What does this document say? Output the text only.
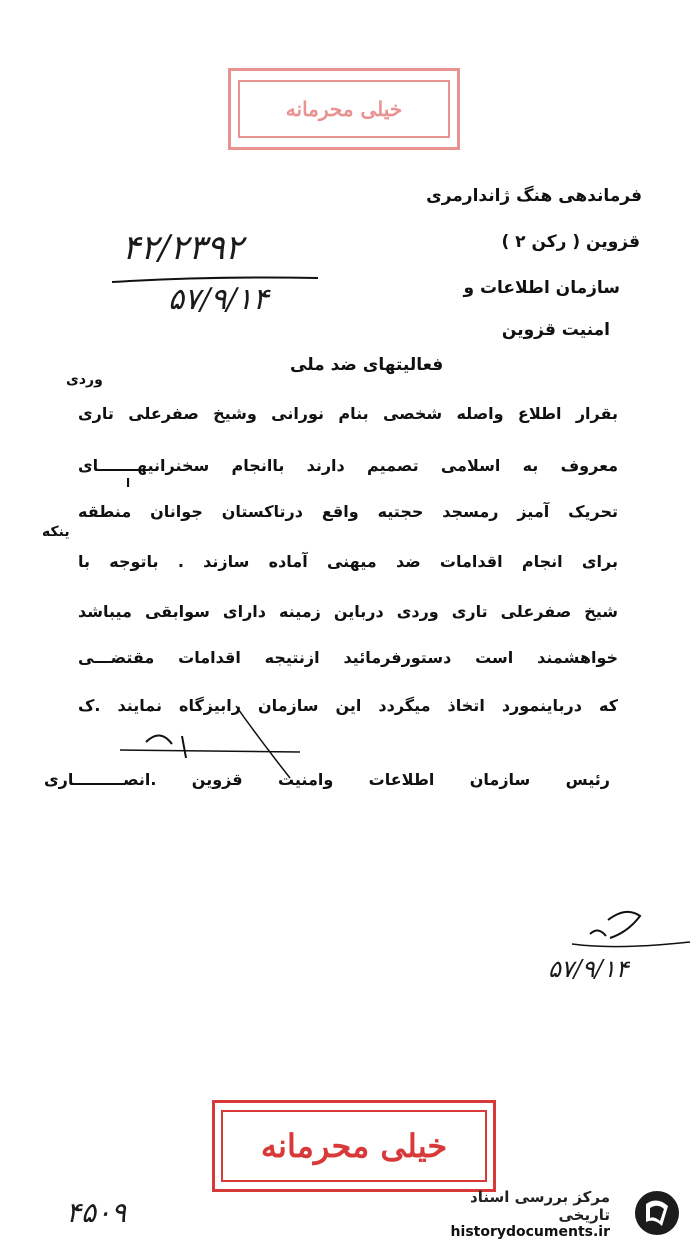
خیلی محرمانه
فرماندهی هنگ ژاندارمری
قزوین ( رکن ۲ )
سازمان اطلاعات و
امنیت قزوین
۴۲/۲۳۹۲
۵۷/۹/۱۴
فعالیتهای ضد ملی
وردی
ا
ینکه
بقرار اطلاع واصله شخصی بنام نورانی وشیخ صفرعلی تاری
معروف به اسلامی تصمیم دارند باانجام سخنرانیهـــــــای
تحریک آمیز رمسجد حجتیه واقع درتاکستان جوانان منطقه
برای انجام اقدامات ضد میهنی آماده سازند . باتوجه با
شیخ صفرعلی تاری وردی درباین زمینه دارای سوابقی میباشد
خواهشمند است دستورفرمائید ازنتیجه اقدامات مقتضـــی
که درباینمورد اتخاذ میگردد این سازمان رابیزگاه نمایند .ک
رئیس سازمان اطلاعات وامنیت قزوین .انصـــــــــاری
۵۷/۹/۱۴
خیلی محرمانه
۴۵۰۹	مرکز بررسی اسناد تاریخی
historydocuments.ir
